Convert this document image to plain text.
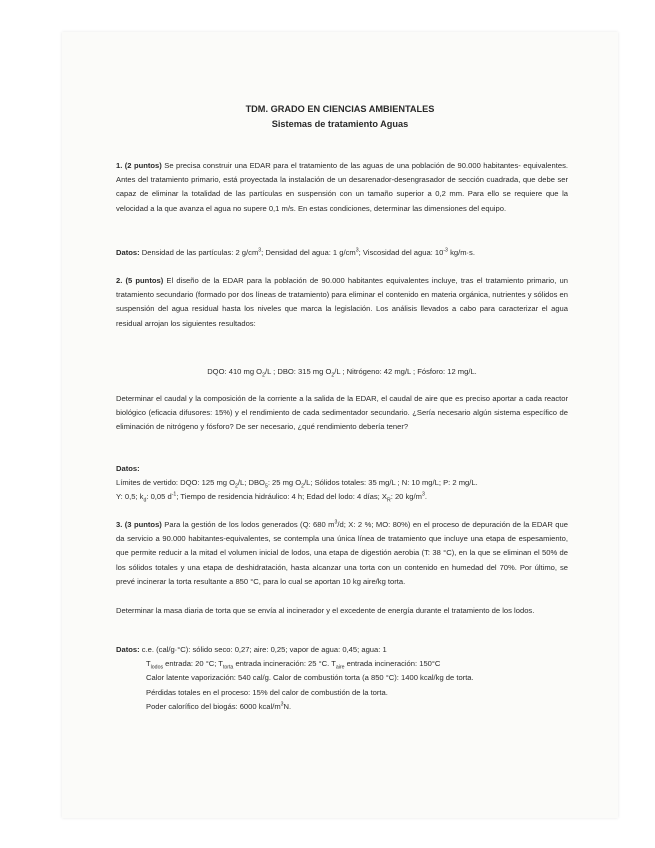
TDM. GRADO EN CIENCIAS AMBIENTALES
Sistemas de tratamiento Aguas
1. (2 puntos) Se precisa construir una EDAR para el tratamiento de las aguas de una población de 90.000 habitantes- equivalentes. Antes del tratamiento primario, está proyectada la instalación de un desarenador-desengrasador de sección cuadrada, que debe ser capaz de eliminar la totalidad de las partículas en suspensión con un tamaño superior a 0,2 mm. Para ello se requiere que la velocidad a la que avanza el agua no supere 0,1 m/s. En estas condiciones, determinar las dimensiones del equipo.
Datos: Densidad de las partículas: 2 $g/cm^3$; Densidad del agua: 1 $g/cm^3$; Viscosidad del agua: $10^{-3}$ kg/m·s.
2. (5 puntos) El diseño de la EDAR para la población de 90.000 habitantes equivalentes incluye, tras el tratamiento primario, un tratamiento secundario (formado por dos líneas de tratamiento) para eliminar el contenido en materia orgánica, nutrientes y sólidos en suspensión del agua residual hasta los niveles que marca la legislación. Los análisis llevados a cabo para caracterizar el agua residual arrojan los siguientes resultados:
DQO: 410 mg $O_2/L$ ; DBO: 315 mg $O_2/L$ ; Nitrógeno: 42 mg/L ; Fósforo: 12 mg/L.
Determinar el caudal y la composición de la corriente a la salida de la EDAR, el caudal de aire que es preciso aportar a cada reactor biológico (eficacia difusores: 15%) y el rendimiento de cada sedimentador secundario. ¿Sería necesario algún sistema específico de eliminación de nitrógeno y fósforo? De ser necesario, ¿qué rendimiento debería tener?
Datos:
Límites de vertido: DQO: 125 mg $O_2/L$; $DBO_5$: 25 mg $O_2/L$; Sólidos totales: 35 mg/L ; N: 10 mg/L; P: 2 mg/L.
Y: 0,5; $k_d$: 0,05 $d^{-1}$; Tiempo de residencia hidráulico: 4 h; Edad del lodo: 4 días; $X_R$: 20 $kg/m^3$.
3. (3 puntos) Para la gestión de los lodos generados (Q: 680 $m^3/d$; X: 2 %; MO: 80%) en el proceso de depuración de la EDAR que da servicio a 90.000 habitantes-equivalentes, se contempla una única línea de tratamiento que incluye una etapa de espesamiento, que permite reducir a la mitad el volumen inicial de lodos, una etapa de digestión aerobia (T: 38 °C), en la que se eliminan el 50% de los sólidos totales y una etapa de deshidratación, hasta alcanzar una torta con un contenido en humedad del 70%. Por último, se prevé incinerar la torta resultante a 850 °C, para lo cual se aportan 10 kg aire/kg torta.
Determinar la masa diaria de torta que se envía al incinerador y el excedente de energía durante el tratamiento de los lodos.
Datos: c.e. (cal/g·°C): sólido seco: 0,27; aire: 0,25; vapor de agua: 0,45; agua: 1
$T_{lodos}$ entrada: 20 °C; $T_{torta}$ entrada incineración: 25 °C. $T_{aire}$ entrada incineración: 150°C
Calor latente vaporización: 540 cal/g. Calor de combustión torta (a 850 °C): 1400 kcal/kg de torta.
Pérdidas totales en el proceso: 15% del calor de combustión de la torta.
Poder calorífico del biogás: 6000 kcal/$m^3N$.
